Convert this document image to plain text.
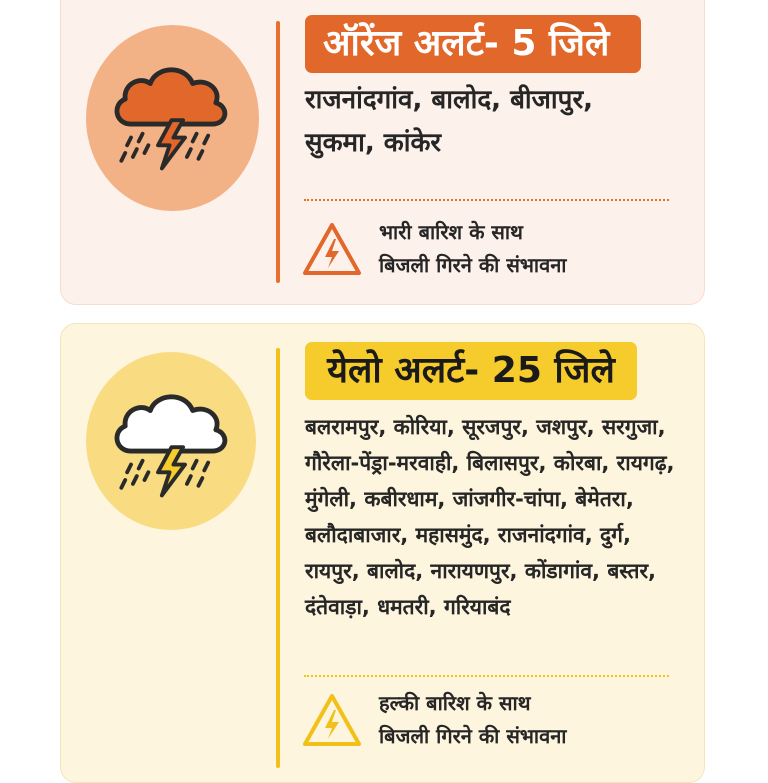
ऑरेंज अलर्ट- 5 जिले
राजनांदगांव, बालोद, बीजापुर, सुकमा, कांकेर
भारी बारिश के साथ
बिजली गिरने की संभावना
येलो अलर्ट- 25 जिले
बलरामपुर, कोरिया, सूरजपुर, जशपुर, सरगुजा, गौरेला-पेंड्रा-मरवाही, बिलासपुर, कोरबा, रायगढ़, मुंगेली, कबीरधाम, जांजगीर-चांपा, बेमेतरा, बलौदाबाजार, महासमुंद, राजनांदगांव, दुर्ग, रायपुर, बालोद, नारायणपुर, कोंडागांव, बस्तर, दंतेवाड़ा, धमतरी, गरियाबंद
हल्की बारिश के साथ
बिजली गिरने की संभावना
